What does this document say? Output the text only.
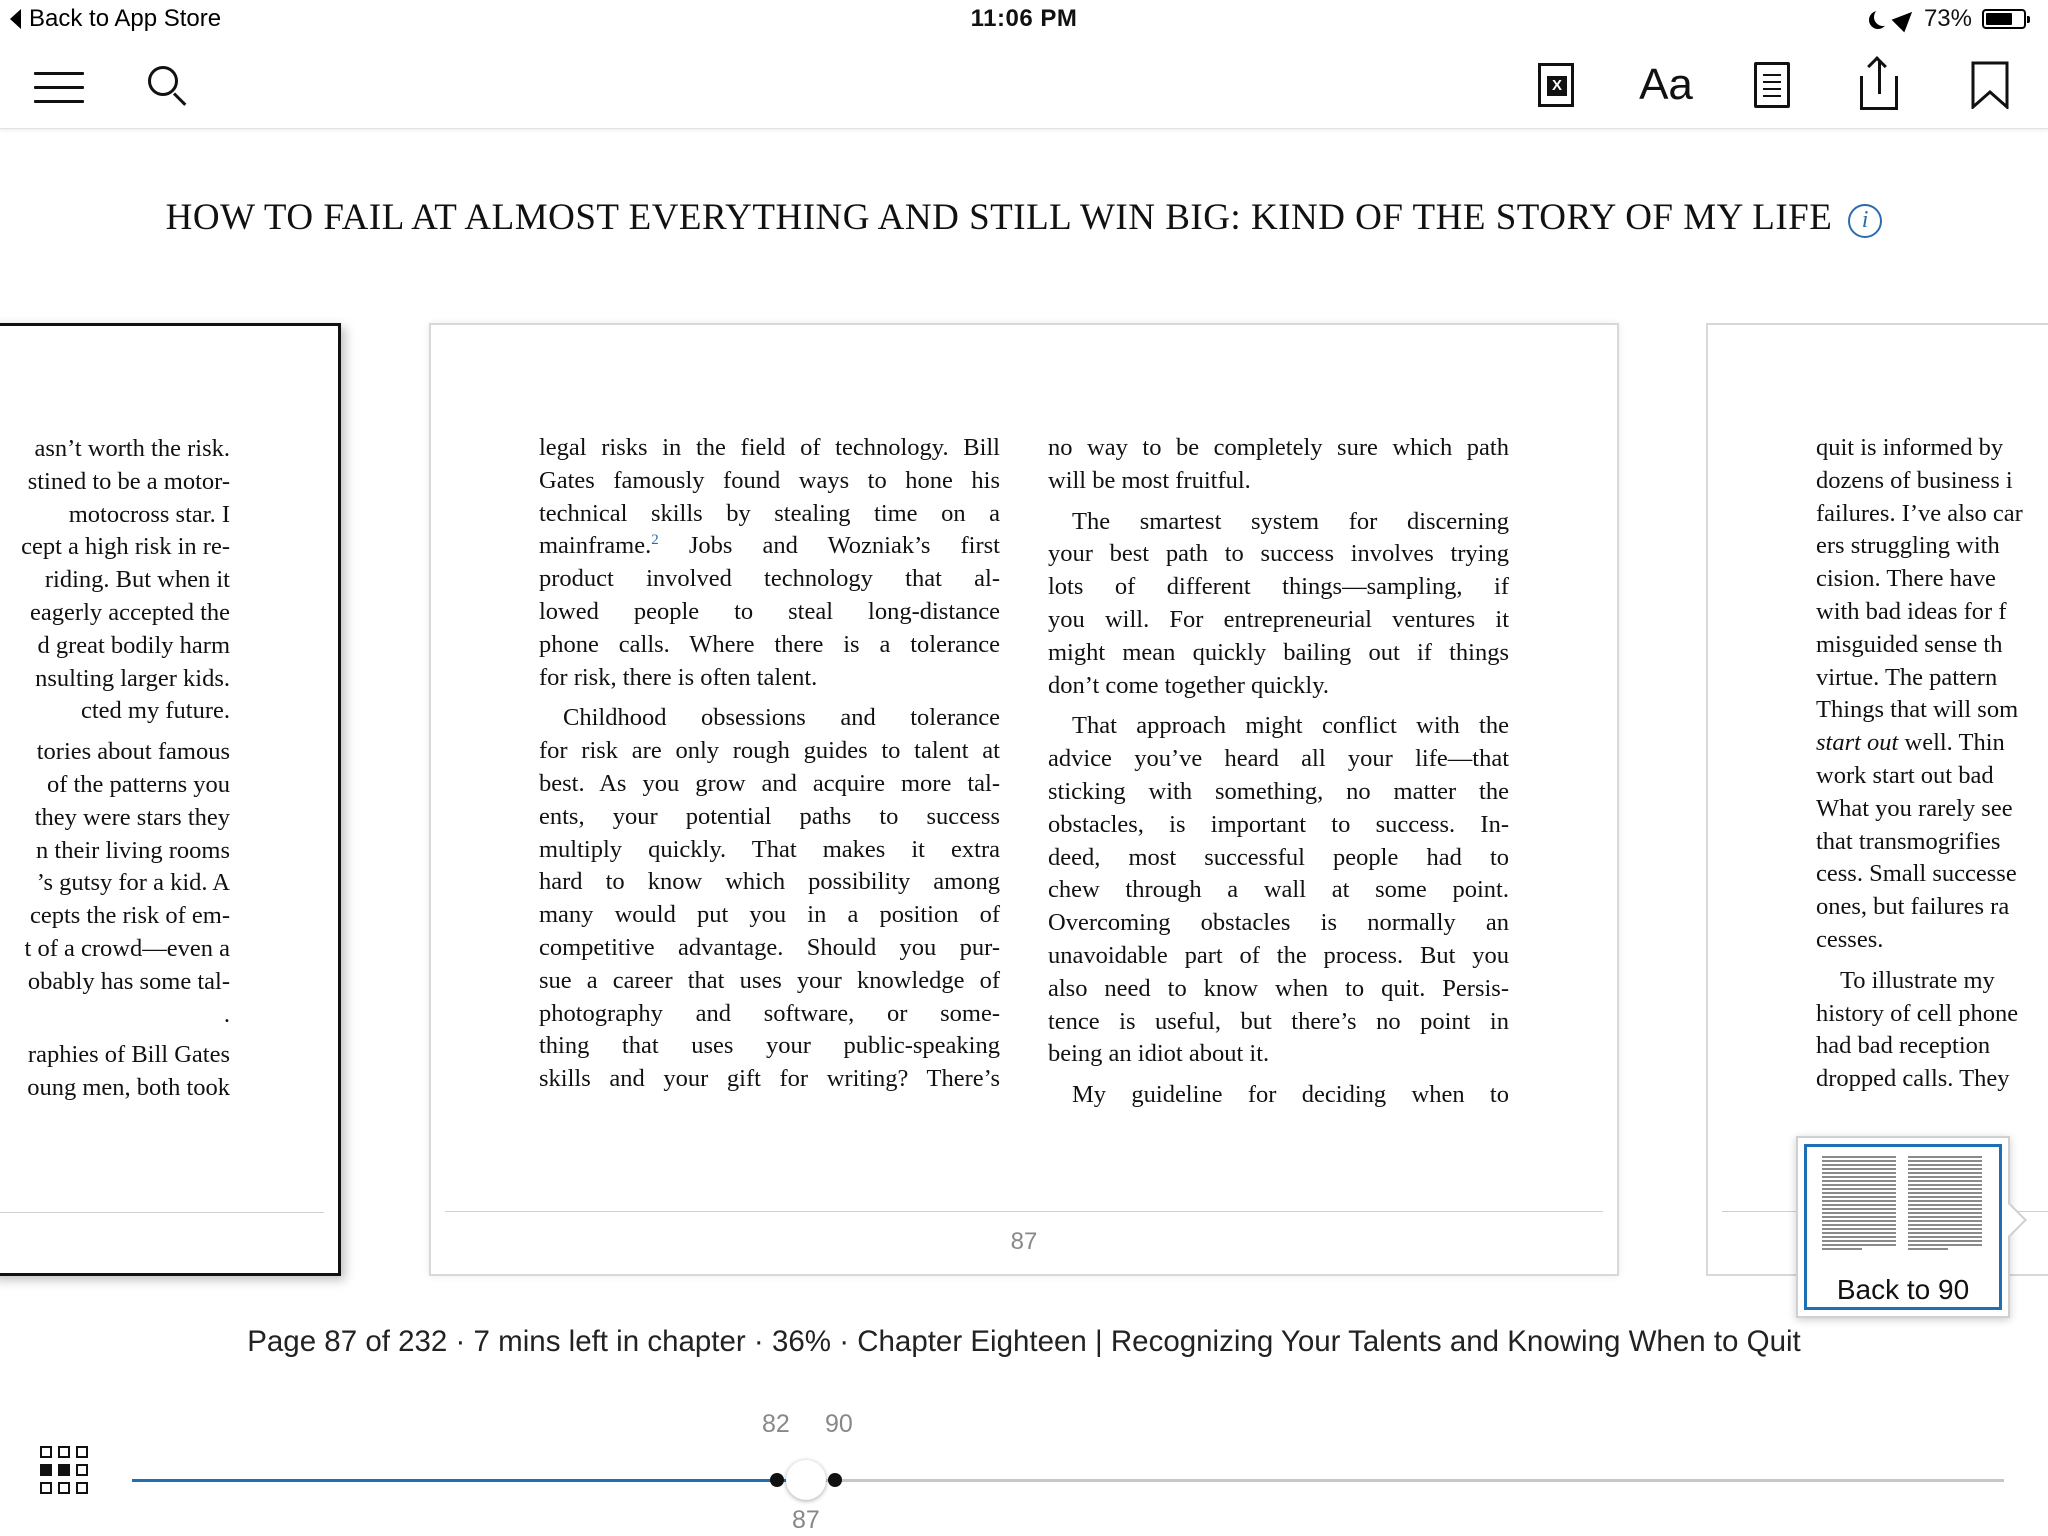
Back to App Store	11:06 PM	73%
X Aa
HOW TO FAIL AT ALMOST EVERYTHING AND STILL WIN BIG: KIND OF THE STORY OF MY LIFE i
asn’t worth the risk.
stined to be a motor-
motocross star. I
cept a high risk in re-
riding. But when it
eagerly accepted the
d great bodily harm
nsulting larger kids.
cted my future.
tories about famous
of the patterns you
they were stars they
n their living rooms
’s gutsy for a kid. A
cepts the risk of em-
t of a crowd—even a
obably has some tal-
.
raphies of Bill Gates
oung men, both took

legal risks in the field of technology. Bill
Gates famously found ways to hone his
technical skills by stealing time on a
mainframe.$^2$ Jobs and Wozniak’s first
product involved technology that al-
lowed people to steal long-distance
phone calls. Where there is a tolerance
for risk, there is often talent.

Childhood obsessions and tolerance
for risk are only rough guides to talent at
best. As you grow and acquire more tal-
ents, your potential paths to success
multiply quickly. That makes it extra
hard to know which possibility among
many would put you in a position of
competitive advantage. Should you pur-
sue a career that uses your knowledge of
photography and software, or some-
thing that uses your public-speaking
skills and your gift for writing? There’s

no way to be completely sure which path
will be most fruitful.

The smartest system for discerning
your best path to success involves trying
lots of different things—sampling, if
you will. For entrepreneurial ventures it
might mean quickly bailing out if things
don’t come together quickly.

That approach might conflict with the
advice you’ve heard all your life—that
sticking with something, no matter the
obstacles, is important to success. In-
deed, most successful people had to
chew through a wall at some point.
Overcoming obstacles is normally an
unavoidable part of the process. But you
also need to know when to quit. Persis-
tence is useful, but there’s no point in
being an idiot about it.

My guideline for deciding when to

87
quit is informed by
dozens of business i
failures. I’ve also car
ers struggling with
cision. There have
with bad ideas for f
misguided sense th
virtue. The pattern
Things that will som
start out well. Thin
work start out bad
What you rarely see
that transmogrifies
cess. Small successe
ones, but failures ra
cesses.
To illustrate my
history of cell phone
had bad reception
dropped calls. They
Back to 90
Page 87 of 232 · 7 mins left in chapter · 36% · Chapter Eighteen | Recognizing Your Talents and Knowing When to Quit
82 90
87
